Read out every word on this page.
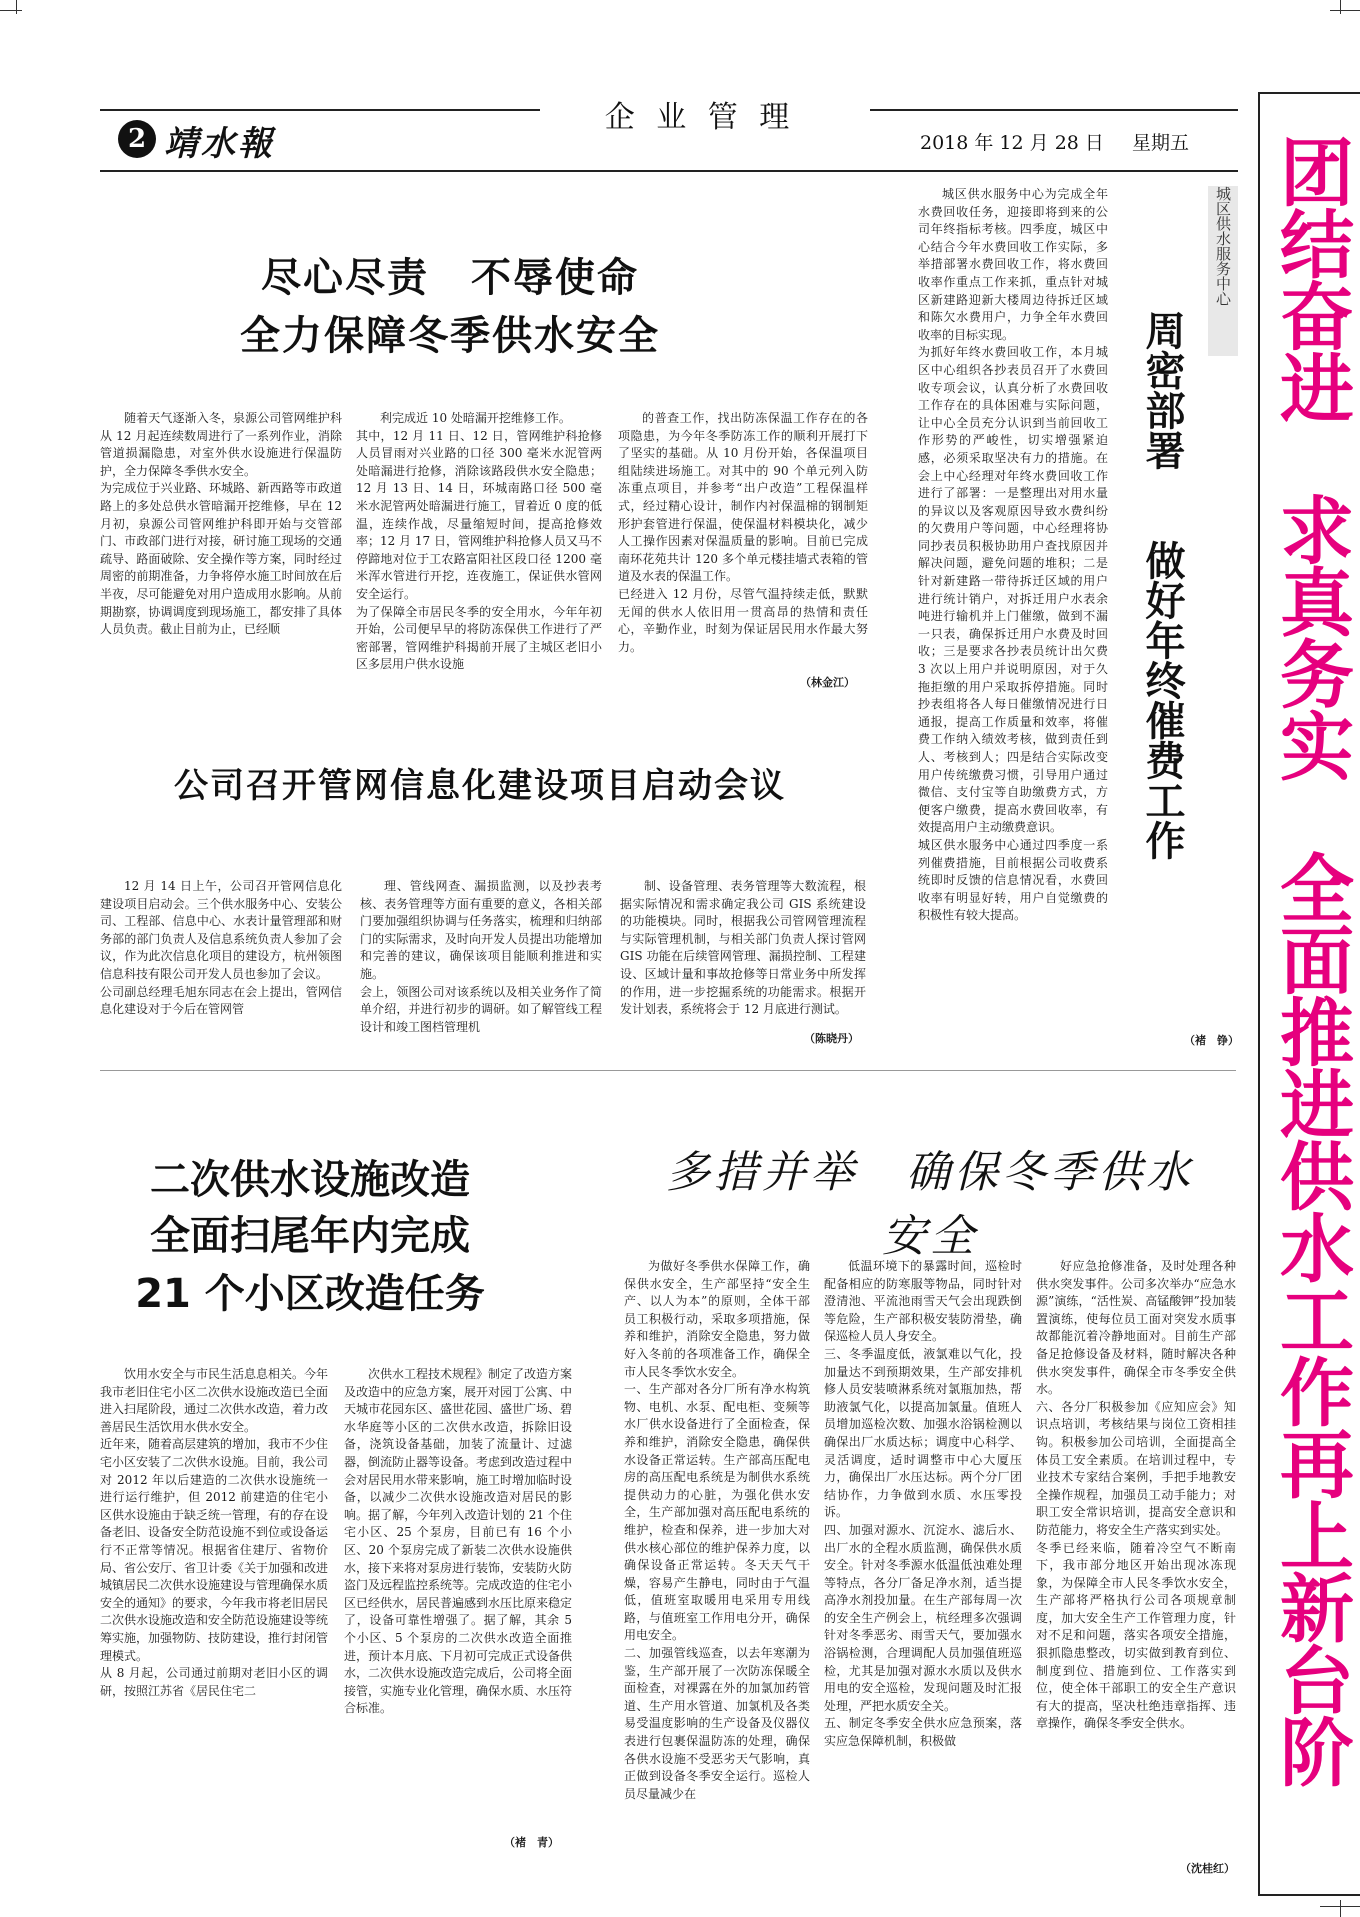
企 业 管 理
2 靖水報	2018 年 12 月 28 日 星期五 团结奋进求真务实全面推进供水工作再上新台阶
尽心尽责　不辱使命
全力保障冬季供水安全
随着天气逐渐入冬，泉源公司管网维护科从 12 月起连续数周进行了一系列作业，消除管道损漏隐患，对室外供水设施进行保温防护，全力保障冬季供水安全。
为完成位于兴业路、环城路、新西路等市政道路上的多处总供水管暗漏开挖维修，早在 12 月初，泉源公司管网维护科即开始与交管部门、市政部门进行对接，研讨施工现场的交通疏导、路面破除、安全操作等方案，同时经过周密的前期准备，力争将停水施工时间放在后半夜，尽可能避免对用户造成用水影响。从前期勘察，协调调度到现场施工，都安排了具体人员负责。截止目前为止，已经顺
利完成近 10 处暗漏开挖维修工作。
其中，12 月 11 日、12 日，管网维护科抢修人员冒雨对兴业路的口径 300 毫米水泥管两处暗漏进行抢修，消除该路段供水安全隐患；12 月 13 日、14 日，环城南路口径 500 毫米水泥管两处暗漏进行施工，冒着近 0 度的低温，连续作战，尽量缩短时间，提高抢修效率；12 月 17 日，管网维护科抢修人员又马不停蹄地对位于工农路富阳社区段口径 1200 毫米浑水管进行开挖，连夜施工，保证供水管网安全运行。
为了保障全市居民冬季的安全用水，今年年初开始，公司便早早的将防冻保供工作进行了严密部署，管网维护科揭前开展了主城区老旧小区多层用户供水设施
的普查工作，找出防冻保温工作存在的各项隐患，为今年冬季防冻工作的顺利开展打下了坚实的基础。从 10 月份开始，各保温项目组陆续进场施工。对其中的 90 个单元列入防冻重点项目，并参考“出户改造”工程保温样式，经过精心设计，制作内衬保温棉的钢制矩形护套管进行保温，使保温材料模块化，减少人工操作因素对保温质量的影响。目前已完成南环花苑共计 120 多个单元楼挂墙式表箱的管道及水表的保温工作。
已经进入 12 月份，尽管气温持续走低，默默无闻的供水人依旧用一贯高昂的热情和责任心，辛勤作业，时刻为保证居民用水作最大努力。
（林金江）
公司召开管网信息化建设项目启动会议
12 月 14 日上午，公司召开管网信息化建设项目启动会。三个供水服务中心、安装公司、工程部、信息中心、水表计量管理部和财务部的部门负责人及信息系统负责人参加了会议，作为此次信息化项目的建设方，杭州领图信息科技有限公司开发人员也参加了会议。
公司副总经理毛旭东同志在会上提出，管网信息化建设对于今后在管网管
理、管线网查、漏损监测，以及抄表考核、表务管理等方面有重要的意义，各相关部门要加强组织协调与任务落实，梳理和归纳部门的实际需求，及时向开发人员提出功能增加和完善的建议，确保该项目能顺利推进和实施。
会上，领图公司对该系统以及相关业务作了简单介绍，并进行初步的调研。如了解管线工程设计和竣工图档管理机
制、设备管理、表务管理等大数流程，根据实际情况和需求确定我公司 GIS 系统建设的功能模块。同时，根据我公司管网管理流程与实际管理机制，与相关部门负责人探讨管网 GIS 功能在后续管网管理、漏损控制、工程建设、区域计量和事故抢修等日常业务中所发挥的作用，进一步挖掘系统的功能需求。根据开发计划表，系统将会于 12 月底进行测试。
（陈晓丹）
城区供水服务中心为完成全年水费回收任务，迎接即将到来的公司年终指标考核。四季度，城区中心结合今年水费回收工作实际，多举措部署水费回收工作，将水费回收率作重点工作来抓，重点针对城区新建路迎新大楼周边待拆迁区域和陈欠水费用户，力争全年水费回收率的目标实现。
为抓好年终水费回收工作，本月城区中心组织各抄表员召开了水费回收专项会议，认真分析了水费回收工作存在的具体困难与实际问题，让中心全员充分认识到当前回收工作形势的严峻性，切实增强紧迫感，必须采取坚决有力的措施。在会上中心经理对年终水费回收工作进行了部署：一是整理出对用水量的异议以及客观原因导致水费纠纷的欠费用户等问题，中心经理将协同抄表员积极协助用户查找原因并解决问题，避免问题的堆积；二是针对新建路一带待拆迁区域的用户进行统计销户，对拆迁用户水表余吨进行输机并上门催缴，做到不漏一只表，确保拆迁用户水费及时回收；三是要求各抄表员统计出欠费 3 次以上用户并说明原因，对于久拖拒缴的用户采取拆停措施。同时抄表组将各人每日催缴情况进行日通报，提高工作质量和效率，将催费工作纳入绩效考核，做到责任到人、考核到人；四是结合实际改变用户传统缴费习惯，引导用户通过微信、支付宝等自助缴费方式，方便客户缴费，提高水费回收率，有效提高用户主动缴费意识。
城区供水服务中心通过四季度一系列催费措施，目前根据公司收费系统即时反馈的信息情况看，水费回收率有明显好转，用户自觉缴费的积极性有较大提高。
城区供水服务中心
周密部署
做好年终催费工作
（褚　铮）
二次供水设施改造
全面扫尾年内完成
21 个小区改造任务
饮用水安全与市民生活息息相关。今年我市老旧住宅小区二次供水设施改造已全面进入扫尾阶段，通过二次供水改造，着力改善居民生活饮用水供水安全。
近年来，随着高层建筑的增加，我市不少住宅小区安装了二次供水设施。目前，我公司对 2012 年以后建造的二次供水设施统一进行运行维护，但 2012 前建造的住宅小区供水设施由于缺乏统一管理，有的存在设备老旧、设备安全防范设施不到位或设备运行不正常等情况。根据省住建厅、省物价局、省公安厅、省卫计委《关于加强和改进城镇居民二次供水设施建设与管理确保水质安全的通知》的要求，今年我市将老旧居民二次供水设施改造和安全防范设施建设等统筹实施，加强物防、技防建设，推行封闭管理模式。
从 8 月起，公司通过前期对老旧小区的调研，按照江苏省《居民住宅二
次供水工程技术规程》制定了改造方案及改造中的应急方案，展开对园丁公寓、中天城市花园东区、盛世花园、盛世广场、碧水华庭等小区的二次供水改造，拆除旧设备，浇筑设备基础，加装了流量计、过滤器，倒流防止器等设备。考虑到改造过程中会对居民用水带来影响，施工时增加临时设备，以减少二次供水设施改造对居民的影响。据了解，今年列入改造计划的 21 个住宅小区、25 个泵房，目前已有 16 个小区、20 个泵房完成了新装二次供水设施供水，接下来将对泵房进行装饰，安装防火防盗门及远程监控系统等。完成改造的住宅小区已经供水，居民普遍感到水压比原来稳定了，设备可靠性增强了。据了解，其余 5 个小区、5 个泵房的二次供水改造全面推进，预计本月底、下月初可完成正式设备供水，二次供水设施改造完成后，公司将全面接管，实施专业化管理，确保水质、水压符合标准。
（褚　青）
多措并举　确保冬季供水安全
为做好冬季供水保障工作，确保供水安全，生产部坚持“安全生产、以人为本”的原则，全体干部员工积极行动，采取多项措施，保养和维护，消除安全隐患，努力做好入冬前的各项准备工作，确保全市人民冬季饮水安全。
一、生产部对各分厂所有净水构筑物、电机、水泵、配电柜、变频等水厂供水设备进行了全面检查，保养和维护，消除安全隐患，确保供水设备正常运转。生产部高压配电房的高压配电系统是为制供水系统提供动力的心脏，为强化供水安全，生产部加强对高压配电系统的维护，检查和保养，进一步加大对供水核心部位的维护保养力度，以确保设备正常运转。冬天天气干燥，容易产生静电，同时由于气温低，值班室取暖用电采用专用线路，与值班室工作用电分开，确保用电安全。
二、加强管线巡查，以去年寒潮为鉴，生产部开展了一次防冻保暖全面检查，对裸露在外的加氯加药管道、生产用水管道、加氯机及各类易受温度影响的生产设备及仪器仪表进行包裹保温防冻的处理，确保各供水设施不受恶劣天气影响，真正做到设备冬季安全运行。巡检人员尽量减少在
低温环境下的暴露时间，巡检时配备相应的防寒服等物品，同时针对澄清池、平流池雨雪天气会出现跌倒等危险，生产部积极安装防滑垫，确保巡检人员人身安全。
三、冬季温度低，液氯难以气化，投加量达不到预期效果，生产部安排机修人员安装喷淋系统对氯瓶加热，帮助液氯气化，以提高加氯量。值班人员增加巡检次数、加强水浴锅检测以确保出厂水质达标；调度中心科学、灵活调度，适时调整市中心大厦压力，确保出厂水压达标。两个分厂团结协作，力争做到水质、水压零投诉。
四、加强对源水、沉淀水、滤后水、出厂水的全程水质监测，确保供水质安全。针对冬季源水低温低浊难处理等特点，各分厂备足净水剂，适当提高净水剂投加量。在生产部每周一次的安全生产例会上，杭经理多次强调针对冬季恶劣、雨雪天气，要加强水浴锅检测，合理调配人员加强值班巡检，尤其是加强对源水水质以及供水用电的安全巡检，发现问题及时汇报处理，严把水质安全关。
五、制定冬季安全供水应急预案，落实应急保障机制，积极做
好应急抢修准备，及时处理各种供水突发事件。公司多次举办“应急水源”演练，“活性炭、高锰酸钾”投加装置演练，使每位员工面对突发水质事故都能沉着冷静地面对。目前生产部备足抢修设备及材料，随时解决各种供水突发事件，确保全市冬季安全供水。
六、各分厂积极参加《应知应会》知识点培训，考核结果与岗位工资相挂钩。积极参加公司培训，全面提高全体员工安全素质。在培训过程中，专业技术专家结合案例，手把手地教安全操作规程，加强员工动手能力；对职工安全常识培训，提高安全意识和防范能力，将安全生产落实到实处。
冬季已经来临，随着冷空气不断南下，我市部分地区开始出现冰冻现象，为保障全市人民冬季饮水安全，生产部将严格执行公司各项规章制度，加大安全生产工作管理力度，针对不足和问题，落实各项安全措施，狠抓隐患整改，切实做到教育到位、制度到位、措施到位、工作落实到位，使全体干部职工的安全生产意识有大的提高，坚决杜绝违章指挥、违章操作，确保冬季安全供水。
（沈桂红）
